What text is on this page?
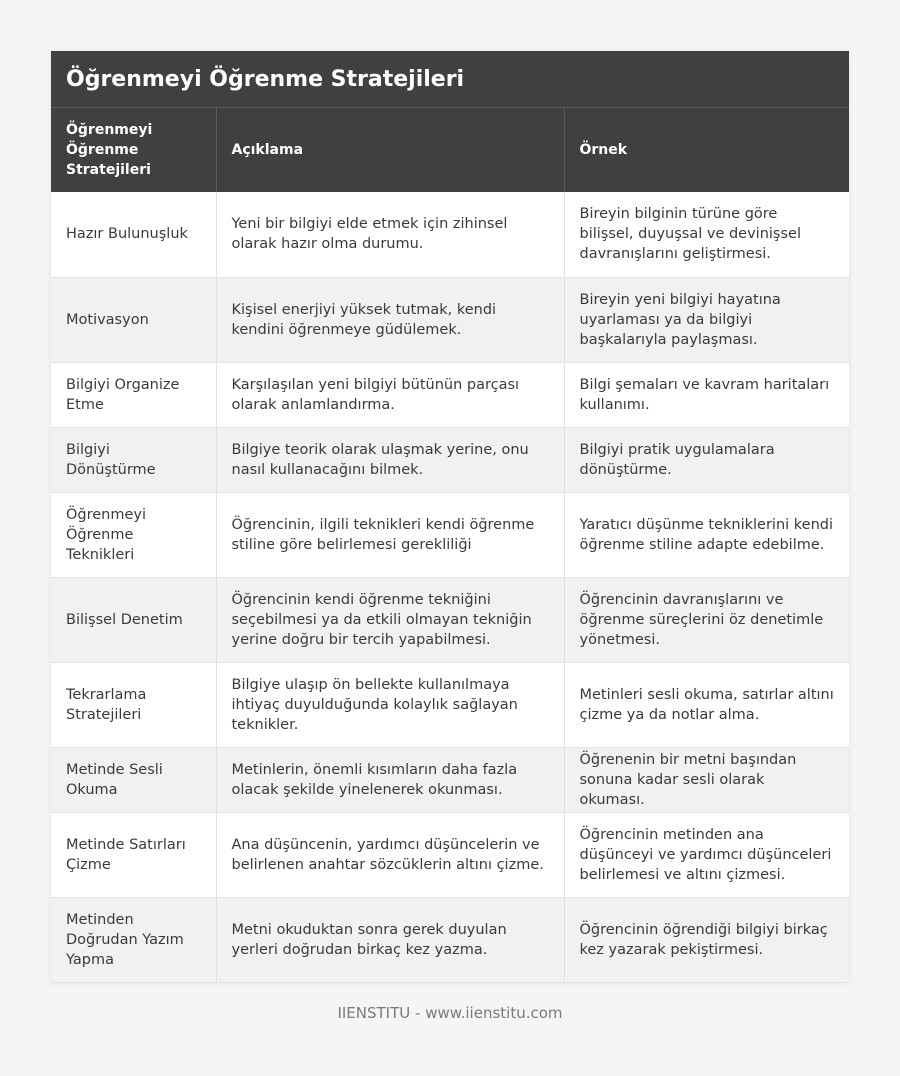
Öğrenmeyi Öğrenme Stratejileri
Öğrenmeyi Öğrenme Stratejileri	Açıklama	Örnek
Hazır Bulunuşluk	Yeni bir bilgiyi elde etmek için zihinsel olarak hazır olma durumu.	Bireyin bilginin türüne göre bilişsel, duyuşsal ve devinişsel davranışlarını geliştirmesi.
Motivasyon	Kişisel enerjiyi yüksek tutmak, kendi kendini öğrenmeye güdülemek.	Bireyin yeni bilgiyi hayatına uyarlaması ya da bilgiyi başkalarıyla paylaşması.
Bilgiyi Organize Etme	Karşılaşılan yeni bilgiyi bütünün parçası olarak anlamlandırma.	Bilgi şemaları ve kavram haritaları kullanımı.
Bilgiyi Dönüştürme	Bilgiye teorik olarak ulaşmak yerine, onu nasıl kullanacağını bilmek.	Bilgiyi pratik uygulamalara dönüştürme.
Öğrenmeyi Öğrenme Teknikleri	Öğrencinin, ilgili teknikleri kendi öğrenme stiline göre belirlemesi gerekliliği	Yaratıcı düşünme tekniklerini kendi öğrenme stiline adapte edebilme.
Bilişsel Denetim	Öğrencinin kendi öğrenme tekniğini seçebilmesi ya da etkili olmayan tekniğin yerine doğru bir tercih yapabilmesi.	Öğrencinin davranışlarını ve öğrenme süreçlerini öz denetimle yönetmesi.
Tekrarlama Stratejileri	Bilgiye ulaşıp ön bellekte kullanılmaya ihtiyaç duyulduğunda kolaylık sağlayan teknikler.	Metinleri sesli okuma, satırlar altını çizme ya da notlar alma.
Metinde Sesli Okuma	Metinlerin, önemli kısımların daha fazla olacak şekilde yinelenerek okunması.	Öğrenenin bir metni başından sonuna kadar sesli olarak okuması.
Metinde Satırları Çizme	Ana düşüncenin, yardımcı düşüncelerin ve belirlenen anahtar sözcüklerin altını çizme.	Öğrencinin metinden ana düşünceyi ve yardımcı düşünceleri belirlemesi ve altını çizmesi.
Metinden Doğrudan Yazım Yapma	Metni okuduktan sonra gerek duyulan yerleri doğrudan birkaç kez yazma.	Öğrencinin öğrendiği bilgiyi birkaç kez yazarak pekiştirmesi.
IIENSTITU - www.iienstitu.com
